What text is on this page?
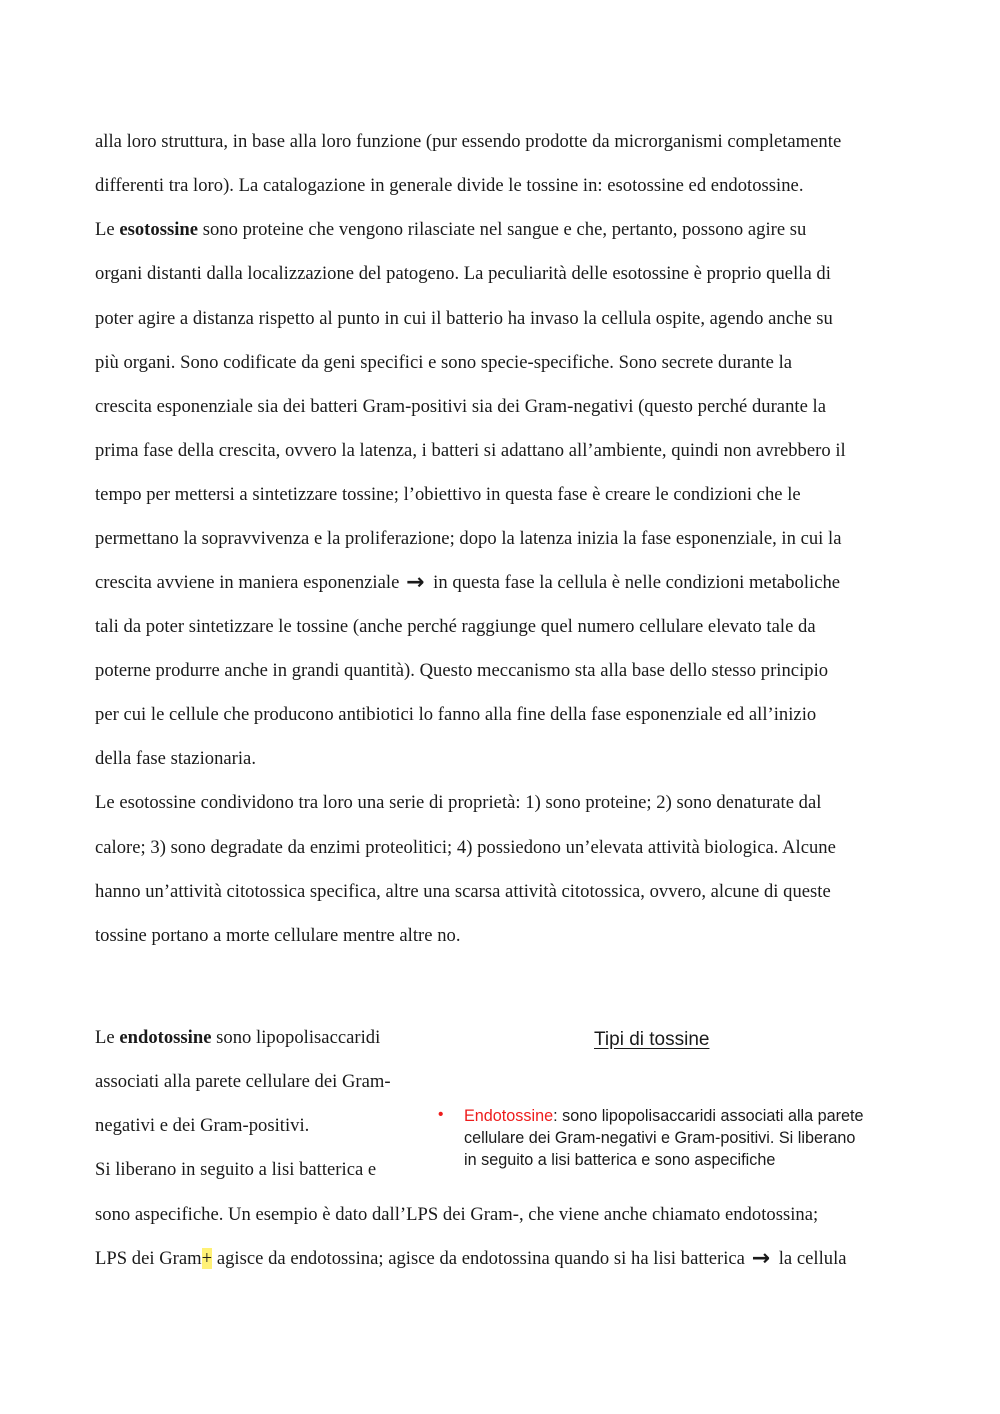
alla loro struttura, in base alla loro funzione (pur essendo prodotte da microrganismi completamente
differenti tra loro). La catalogazione in generale divide le tossine in: esotossine ed endotossine.
Le esotossine sono proteine che vengono rilasciate nel sangue e che, pertanto, possono agire su
organi distanti dalla localizzazione del patogeno. La peculiarità delle esotossine è proprio quella di
poter agire a distanza rispetto al punto in cui il batterio ha invaso la cellula ospite, agendo anche su
più organi. Sono codificate da geni specifici e sono specie-specifiche. Sono secrete durante la
crescita esponenziale sia dei batteri Gram-positivi sia dei Gram-negativi (questo perché durante la
prima fase della crescita, ovvero la latenza, i batteri si adattano all’ambiente, quindi non avrebbero il
tempo per mettersi a sintetizzare tossine; l’obiettivo in questa fase è creare le condizioni che le
permettano la sopravvivenza e la proliferazione; dopo la latenza inizia la fase esponenziale, in cui la
crescita avviene in maniera esponenziale → in questa fase la cellula è nelle condizioni metaboliche
tali da poter sintetizzare le tossine (anche perché raggiunge quel numero cellulare elevato tale da
poterne produrre anche in grandi quantità). Questo meccanismo sta alla base dello stesso principio
per cui le cellule che producono antibiotici lo fanno alla fine della fase esponenziale ed all’inizio
della fase stazionaria.
Le esotossine condividono tra loro una serie di proprietà: 1) sono proteine; 2) sono denaturate dal
calore; 3) sono degradate da enzimi proteolitici; 4) possiedono un’elevata attività biologica. Alcune
hanno un’attività citotossica specifica, altre una scarsa attività citotossica, ovvero, alcune di queste
tossine portano a morte cellulare mentre altre no.
Le endotossine sono lipopolisaccaridi
associati alla parete cellulare dei Gram-
negativi e dei Gram-positivi.
Si liberano in seguito a lisi batterica e
sono aspecifiche. Un esempio è dato dall’LPS dei Gram-, che viene anche chiamato endotossina;
LPS dei Gram+ agisce da endotossina; agisce da endotossina quando si ha lisi batterica → la cellula
Tipi di tossine
• Endotossine: sono lipopolisaccaridi associati alla parete
cellulare dei Gram-negativi e Gram-positivi. Si liberano
in seguito a lisi batterica e sono aspecifiche
